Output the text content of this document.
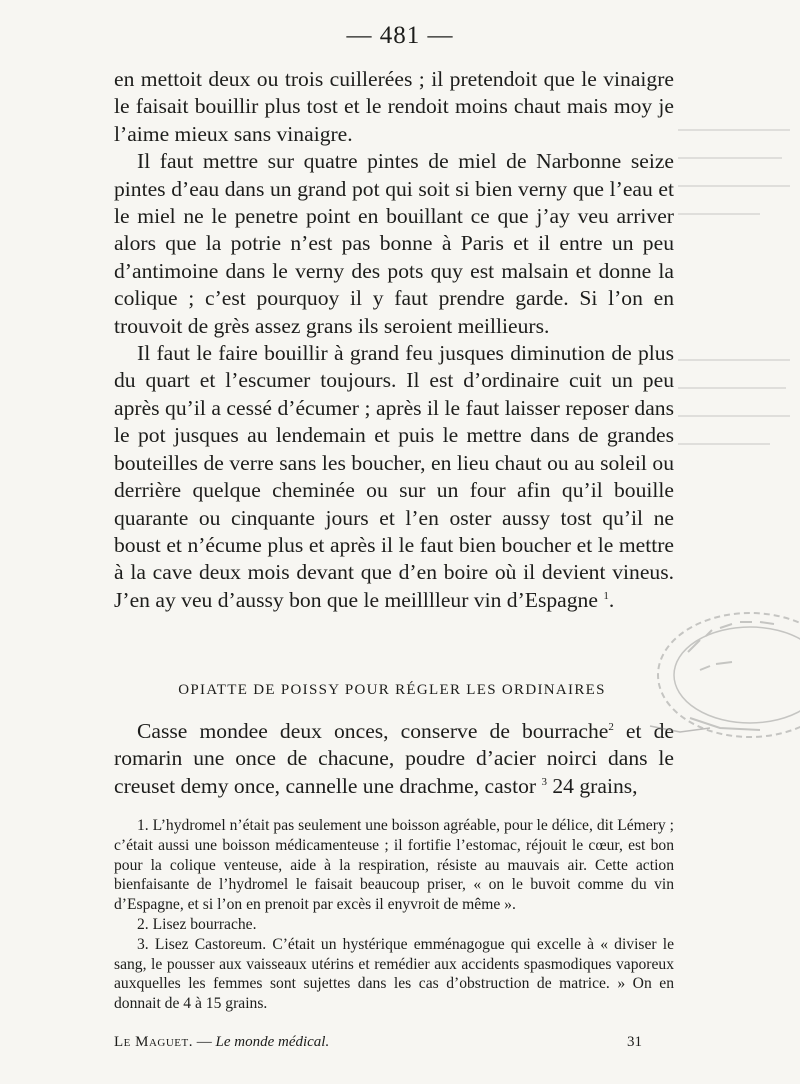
— 481 —

en mettoit deux ou trois cuillerées ; il pretendoit que le vinaigre le faisait bouillir plus tost et le rendoit moins chaut mais moy je l’aime mieux sans vinaigre.

Il faut mettre sur quatre pintes de miel de Narbonne seize pintes d’eau dans un grand pot qui soit si bien verny que l’eau et le miel ne le penetre point en bouillant ce que j’ay veu arriver alors que la potrie n’est pas bonne à Paris et il entre un peu d’antimoine dans le verny des pots quy est malsain et donne la colique ; c’est pourquoy il y faut prendre garde. Si l’on en trouvoit de grès assez grans ils seroient meillieurs.

Il faut le faire bouillir à grand feu jusques diminution de plus du quart et l’escumer toujours. Il est d’ordinaire cuit un peu après qu’il a cessé d’écumer ; après il le faut laisser reposer dans le pot jusques au lendemain et puis le mettre dans de grandes bouteilles de verre sans les boucher, en lieu chaut ou au soleil ou derrière quelque cheminée ou sur un four afin qu’il bouille quarante ou cinquante jours et l’en oster aussy tost qu’il ne boust et n’écume plus et après il le faut bien boucher et le mettre à la cave deux mois devant que d’en boire où il devient vineus. J’en ay veu d’aussy bon que le meilllleur vin d’Espagne $^1$.

OPIATTE DE POISSY POUR RÉGLER LES ORDINAIRES

Casse mondee deux onces, conserve de bourrache$^2$ et de romarin une once de chacune, poudre d’acier noirci dans le creuset demy once, cannelle une drachme, castor $^3$ 24 grains,

1. L’hydromel n’était pas seulement une boisson agréable, pour le délice, dit Lémery ; c’était aussi une boisson médicamenteuse ; il fortifie l’estomac, réjouit le cœur, est bon pour la colique venteuse, aide à la respiration, résiste au mauvais air. Cette action bienfaisante de l’hydromel le faisait beaucoup priser, « on le buvoit comme du vin d’Espagne, et si l’on en prenoit par excès il enyvroit de même ».

2. Lisez bourrache.

3. Lisez Castoreum. C’était un hystérique emménagogue qui excelle à « diviser le sang, le pousser aux vaisseaux utérins et remédier aux accidents spasmodiques vaporeux auxquelles les femmes sont sujettes dans les cas d’obstruction de matrice. » On en donnait de 4 à 15 grains.

Le Maguet. — Le monde médical.	31
